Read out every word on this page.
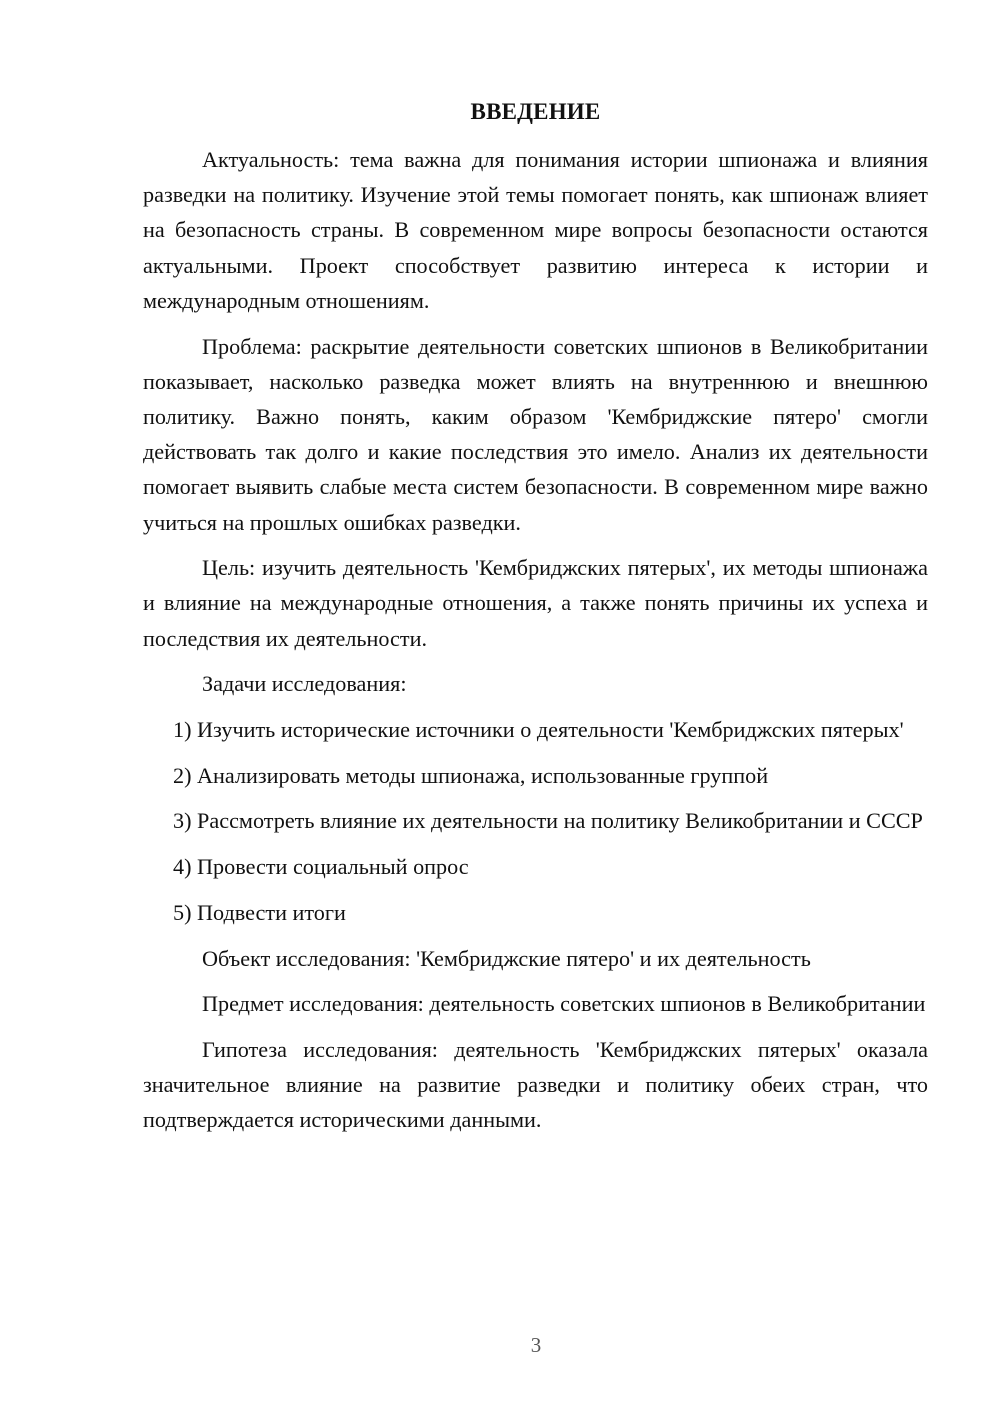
ВВЕДЕНИЕ

Актуальность: тема важна для понимания истории шпионажа и влияния разведки на политику. Изучение этой темы помогает понять, как шпионаж влияет на безопасность страны. В современном мире вопросы безопасности остаются актуальными. Проект способствует развитию интереса к истории и международным отношениям.

Проблема: раскрытие деятельности советских шпионов в Великобритании показывает, насколько разведка может влиять на внутреннюю и внешнюю политику. Важно понять, каким образом 'Кембриджские пятеро' смогли действовать так долго и какие последствия это имело. Анализ их деятельности помогает выявить слабые места систем безопасности. В современном мире важно учиться на прошлых ошибках разведки.

Цель: изучить деятельность 'Кембриджских пятерых', их методы шпионажа и влияние на международные отношения, а также понять причины их успеха и последствия их деятельности.

Задачи исследования:

1) Изучить исторические источники о деятельности 'Кембриджских пятерых'

2) Анализировать методы шпионажа, использованные группой

3) Рассмотреть влияние их деятельности на политику Великобритании и СССР

4) Провести социальный опрос

5) Подвести итоги

Объект исследования: 'Кембриджские пятеро' и их деятельность

Предмет исследования: деятельность советских шпионов в Великобритании

Гипотеза исследования: деятельность 'Кембриджских пятерых' оказала значительное влияние на развитие разведки и политику обеих стран, что подтверждается историческими данными.

3
